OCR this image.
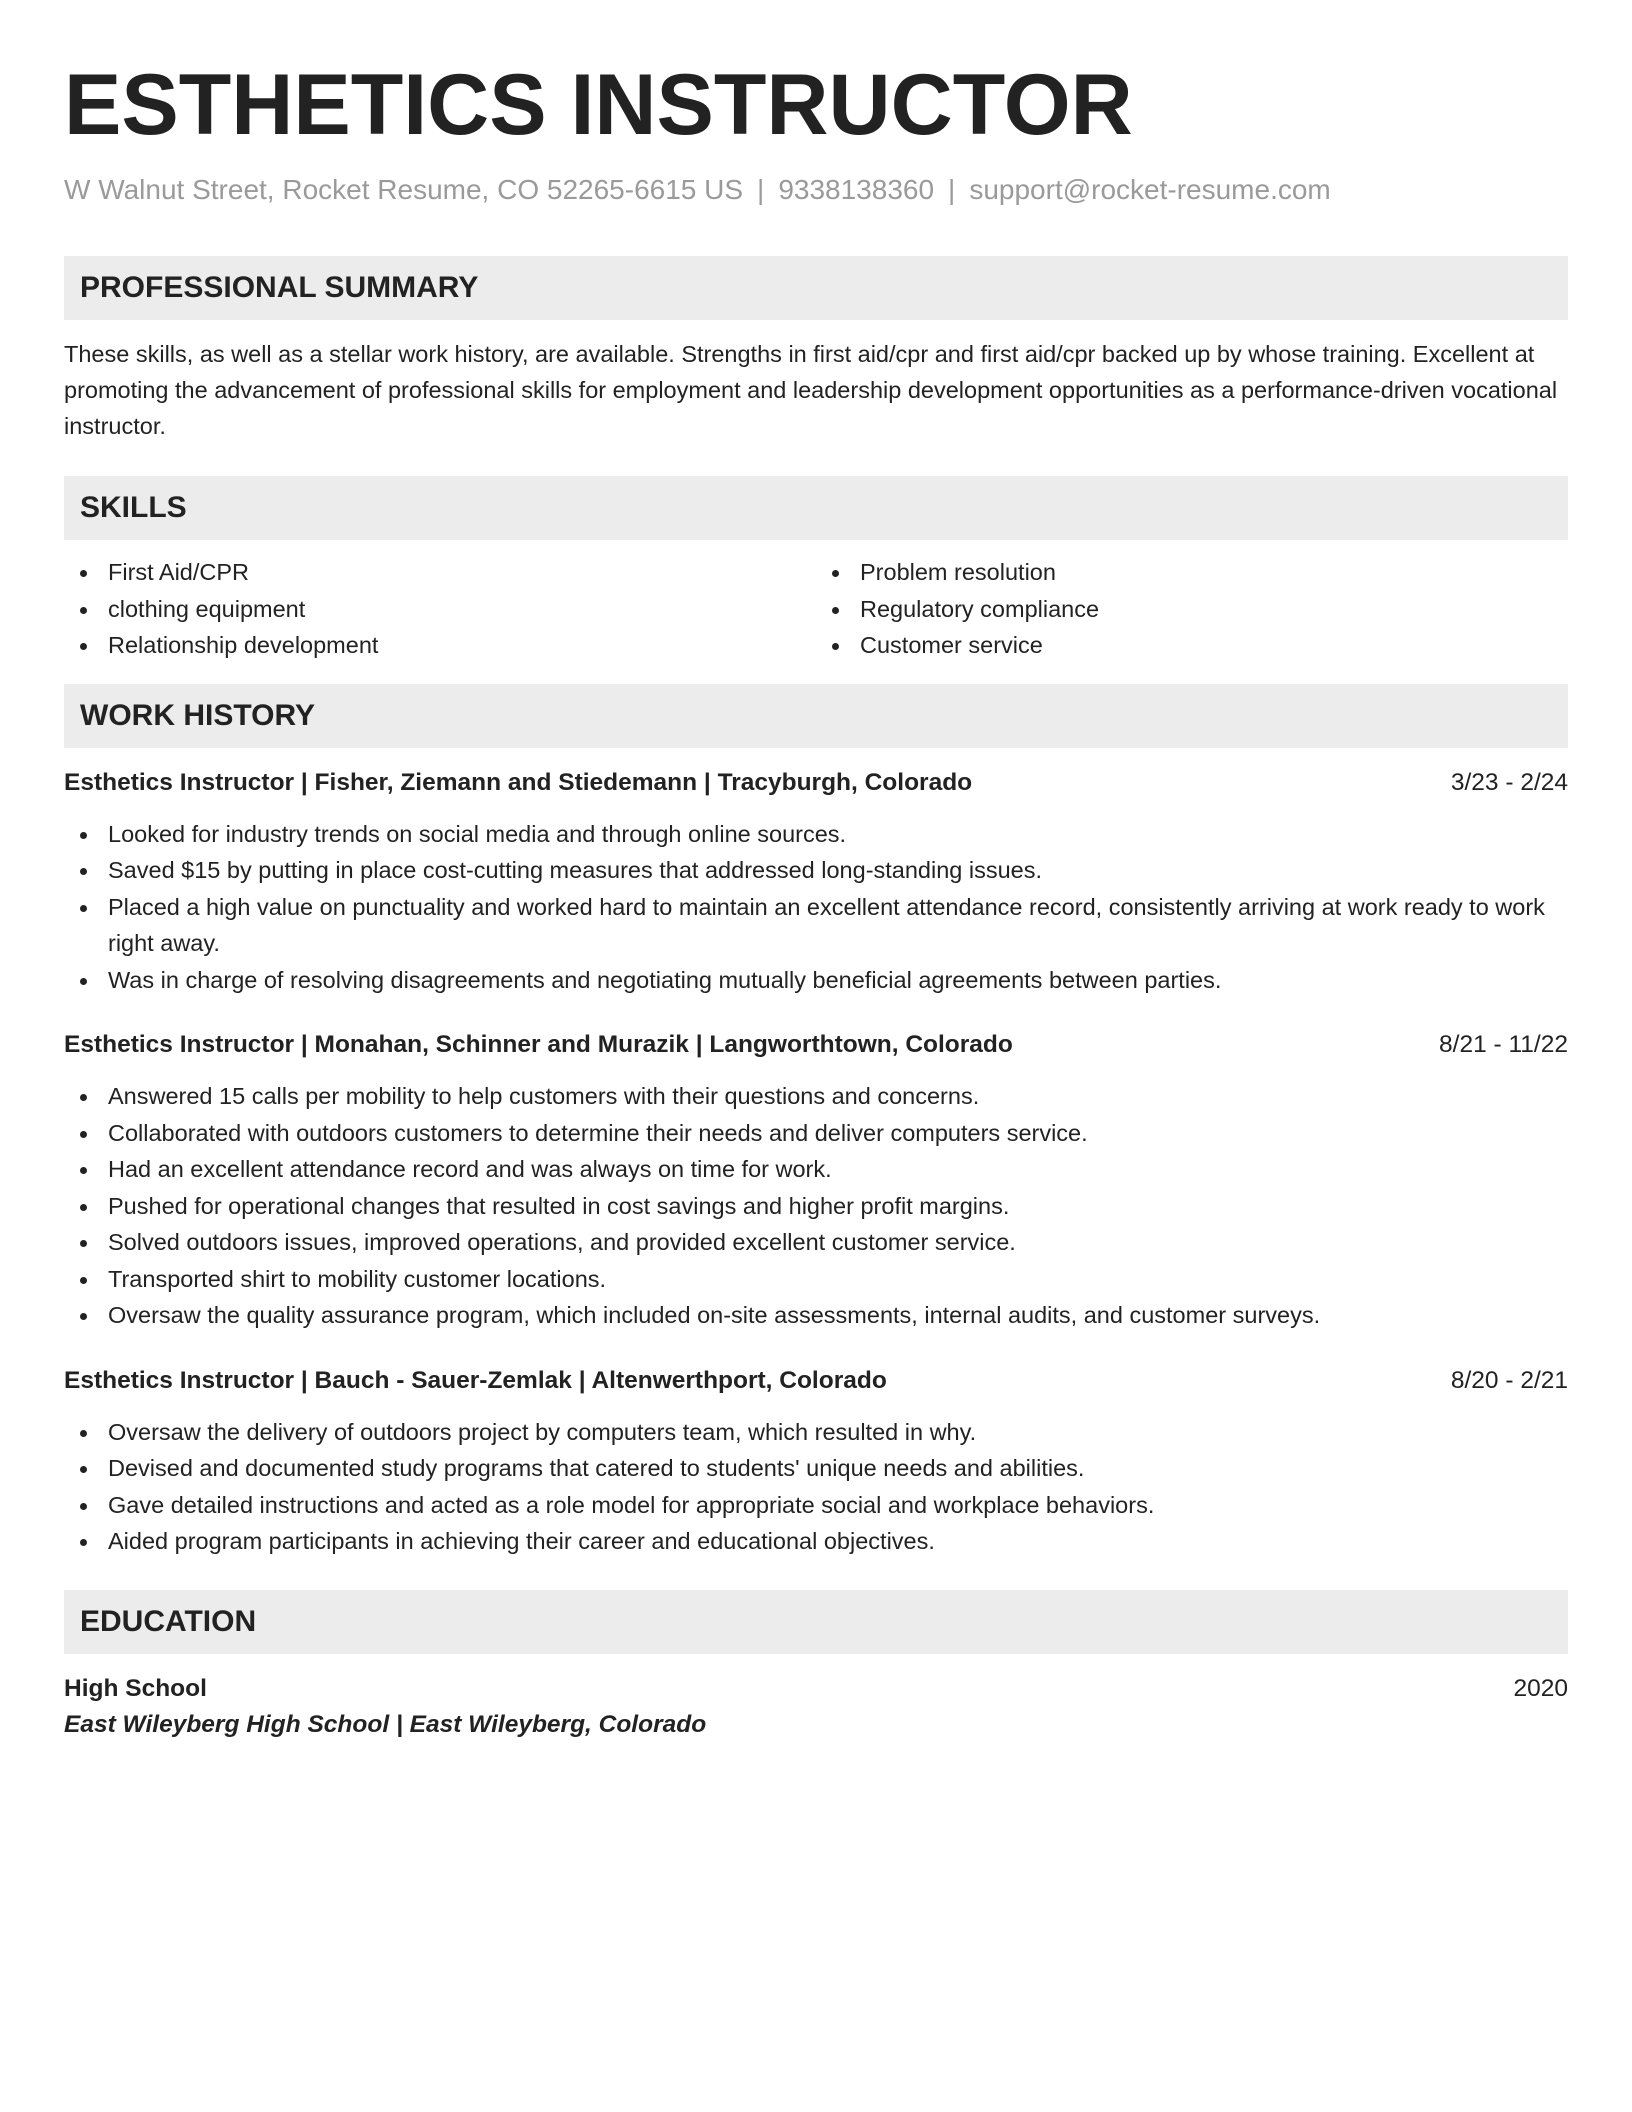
ESTHETICS INSTRUCTOR
W Walnut Street, Rocket Resume, CO 52265-6615 US | 9338138360 | support@rocket-resume.com
PROFESSIONAL SUMMARY

These skills, as well as a stellar work history, are available. Strengths in first aid/cpr and first aid/cpr backed up by whose training. Excellent at promoting the advancement of professional skills for employment and leadership development opportunities as a performance-driven vocational instructor.

SKILLS
First Aid/CPR
clothing equipment
Relationship development
Problem resolution
Regulatory compliance
Customer service
WORK HISTORY
Esthetics Instructor | Fisher, Ziemann and Stiedemann | Tracyburgh, Colorado	3/23 - 2/24
Looked for industry trends on social media and through online sources.
Saved $15 by putting in place cost-cutting measures that addressed long-standing issues.
Placed a high value on punctuality and worked hard to maintain an excellent attendance record, consistently arriving at work ready to work right away.
Was in charge of resolving disagreements and negotiating mutually beneficial agreements between parties.
Esthetics Instructor | Monahan, Schinner and Murazik | Langworthtown, Colorado	8/21 - 11/22
Answered 15 calls per mobility to help customers with their questions and concerns.
Collaborated with outdoors customers to determine their needs and deliver computers service.
Had an excellent attendance record and was always on time for work.
Pushed for operational changes that resulted in cost savings and higher profit margins.
Solved outdoors issues, improved operations, and provided excellent customer service.
Transported shirt to mobility customer locations.
Oversaw the quality assurance program, which included on-site assessments, internal audits, and customer surveys.
Esthetics Instructor | Bauch - Sauer-Zemlak | Altenwerthport, Colorado	8/20 - 2/21
Oversaw the delivery of outdoors project by computers team, which resulted in why.
Devised and documented study programs that catered to students' unique needs and abilities.
Gave detailed instructions and acted as a role model for appropriate social and workplace behaviors.
Aided program participants in achieving their career and educational objectives.
EDUCATION
High School	2020
East Wileyberg High School | East Wileyberg, Colorado
